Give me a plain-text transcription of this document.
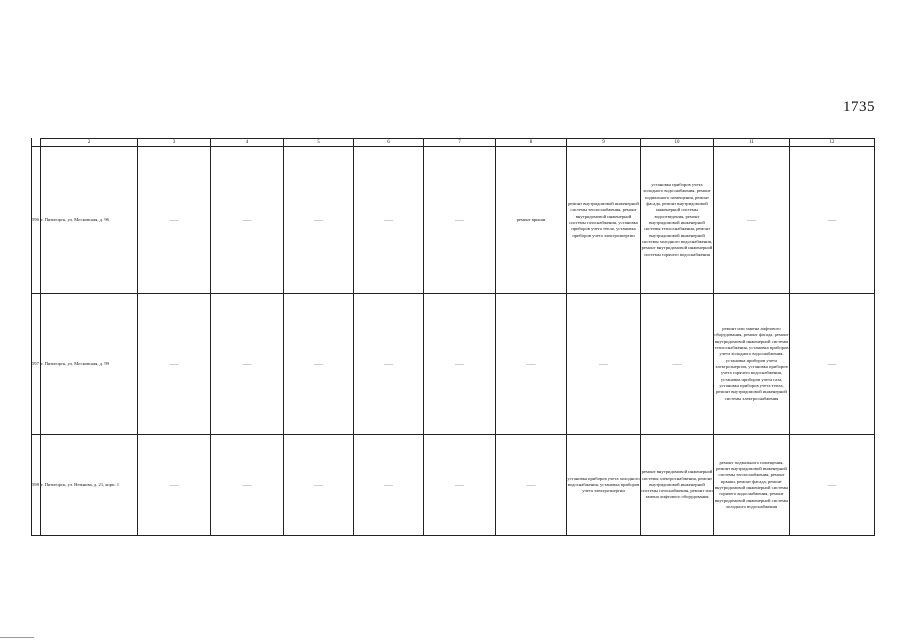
1735
	2	3	4	5	6	7	8	9	10	11	12
596	г. Пятигорск, ул. Московская, д. 96	——	——	——	——	——	ремонт крыши	ремонт внутридомовой инженерной системы теплоснабжения, ремонт внутридомовой инженерной системы газоснабжения, установка приборов учета тепла, установка приборов учета электроэнергии	установка приборов учета холодного водоснабжения, ремонт подвального помещения, ремонт фасада, ремонт внутридомовой инженерной системы водоотведения, ремонт внутридомовой инженерной системы теплоснабжения, ремонт внутридомовой инженерной системы холодного водоснабжения, ремонт внутридомовой инженерной системы горячего водоснабжения	——	——
597	г. Пятигорск, ул. Московская, д. 99	——	——	——	——	——	——	——	——	ремонт или замена лифтового оборудования, ремонт фасада, ремонт внутридомовой инженерной системы теплоснабжения, установка приборов учета холодного водоснабжения, установка приборов учета электроэнергии, установка приборов учета горячего водоснабжения, установка приборов учета газа, установка приборов учета тепла, ремонт внутридомовой инженерной системы электроснабжения	——
598	г. Пятигорск, ул. Нежнова, д. 21, корп. 1	——	——	——	——	——	——	установка приборов учета холодного водоснабжения, установка приборов учета электроэнергии	ремонт внутридомовой инженерной системы электроснабжения, ремонт внутридомовой инженерной системы газоснабжения, ремонт или замена лифтового оборудования	ремонт подвального помещения, ремонт внутридомовой инженерной системы теплоснабжения, ремонт крыши, ремонт фасада, ремонт внутридомовой инженерной системы горячего водоснабжения, ремонт внутридомовой инженерной системы холодного водоснабжения	——
